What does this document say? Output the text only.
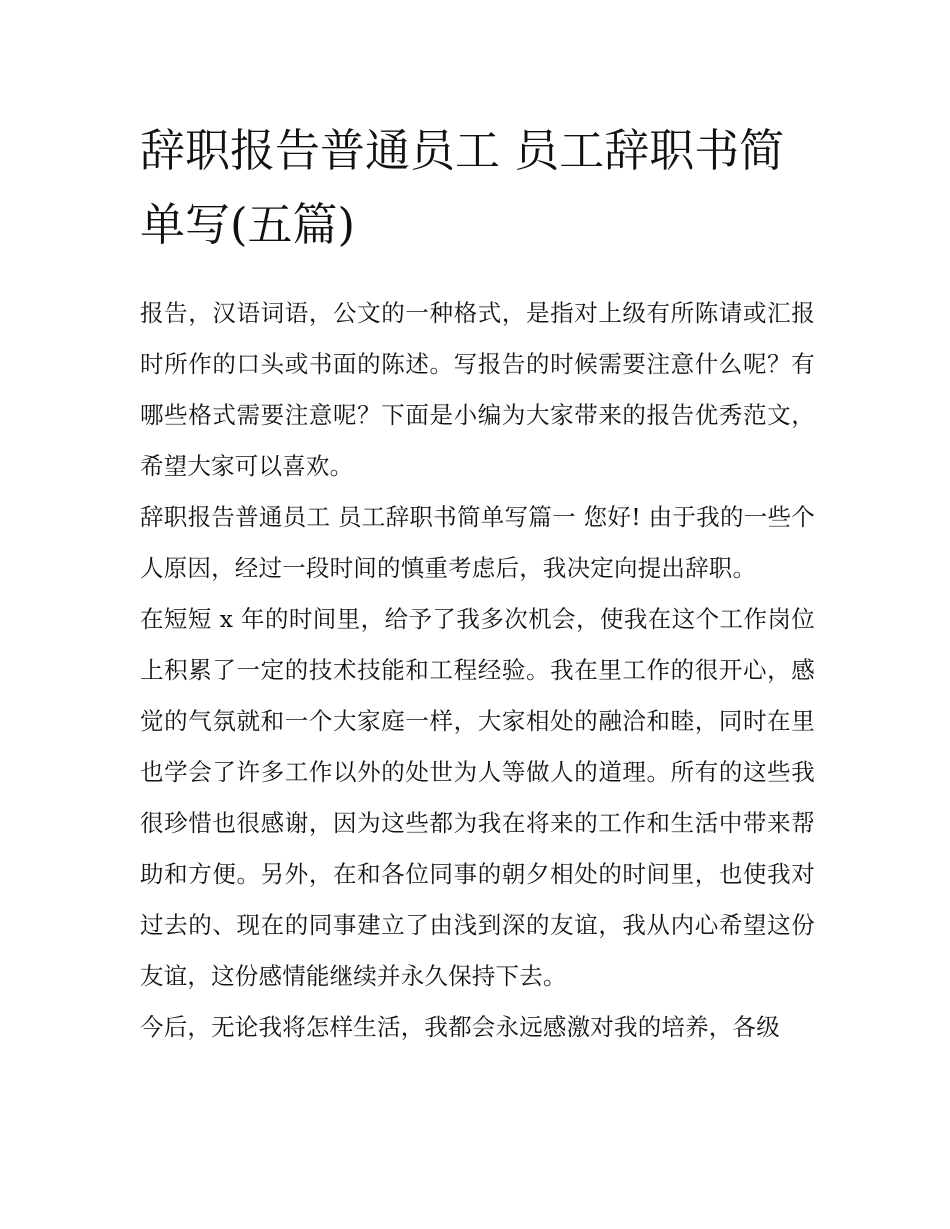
辞职报告普通员工 员工辞职书简单写(五篇)

报告，汉语词语，公文的一种格式，是指对上级有所陈请或汇报时所作的口头或书面的陈述。写报告的时候需要注意什么呢？有哪些格式需要注意呢？下面是小编为大家带来的报告优秀范文，希望大家可以喜欢。

辞职报告普通员工 员工辞职书简单写篇一 您好! 由于我的一些个人原因，经过一段时间的慎重考虑后，我决定向提出辞职。

在短短 x 年的时间里，给予了我多次机会，使我在这个工作岗位上积累了一定的技术技能和工程经验。我在里工作的很开心，感觉的气氛就和一个大家庭一样，大家相处的融洽和睦，同时在里也学会了许多工作以外的处世为人等做人的道理。所有的这些我很珍惜也很感谢，因为这些都为我在将来的工作和生活中带来帮助和方便。另外，在和各位同事的朝夕相处的时间里，也使我对过去的、现在的同事建立了由浅到深的友谊，我从内心希望这份友谊，这份感情能继续并永久保持下去。

今后，无论我将怎样生活，我都会永远感激对我的培养，各级
